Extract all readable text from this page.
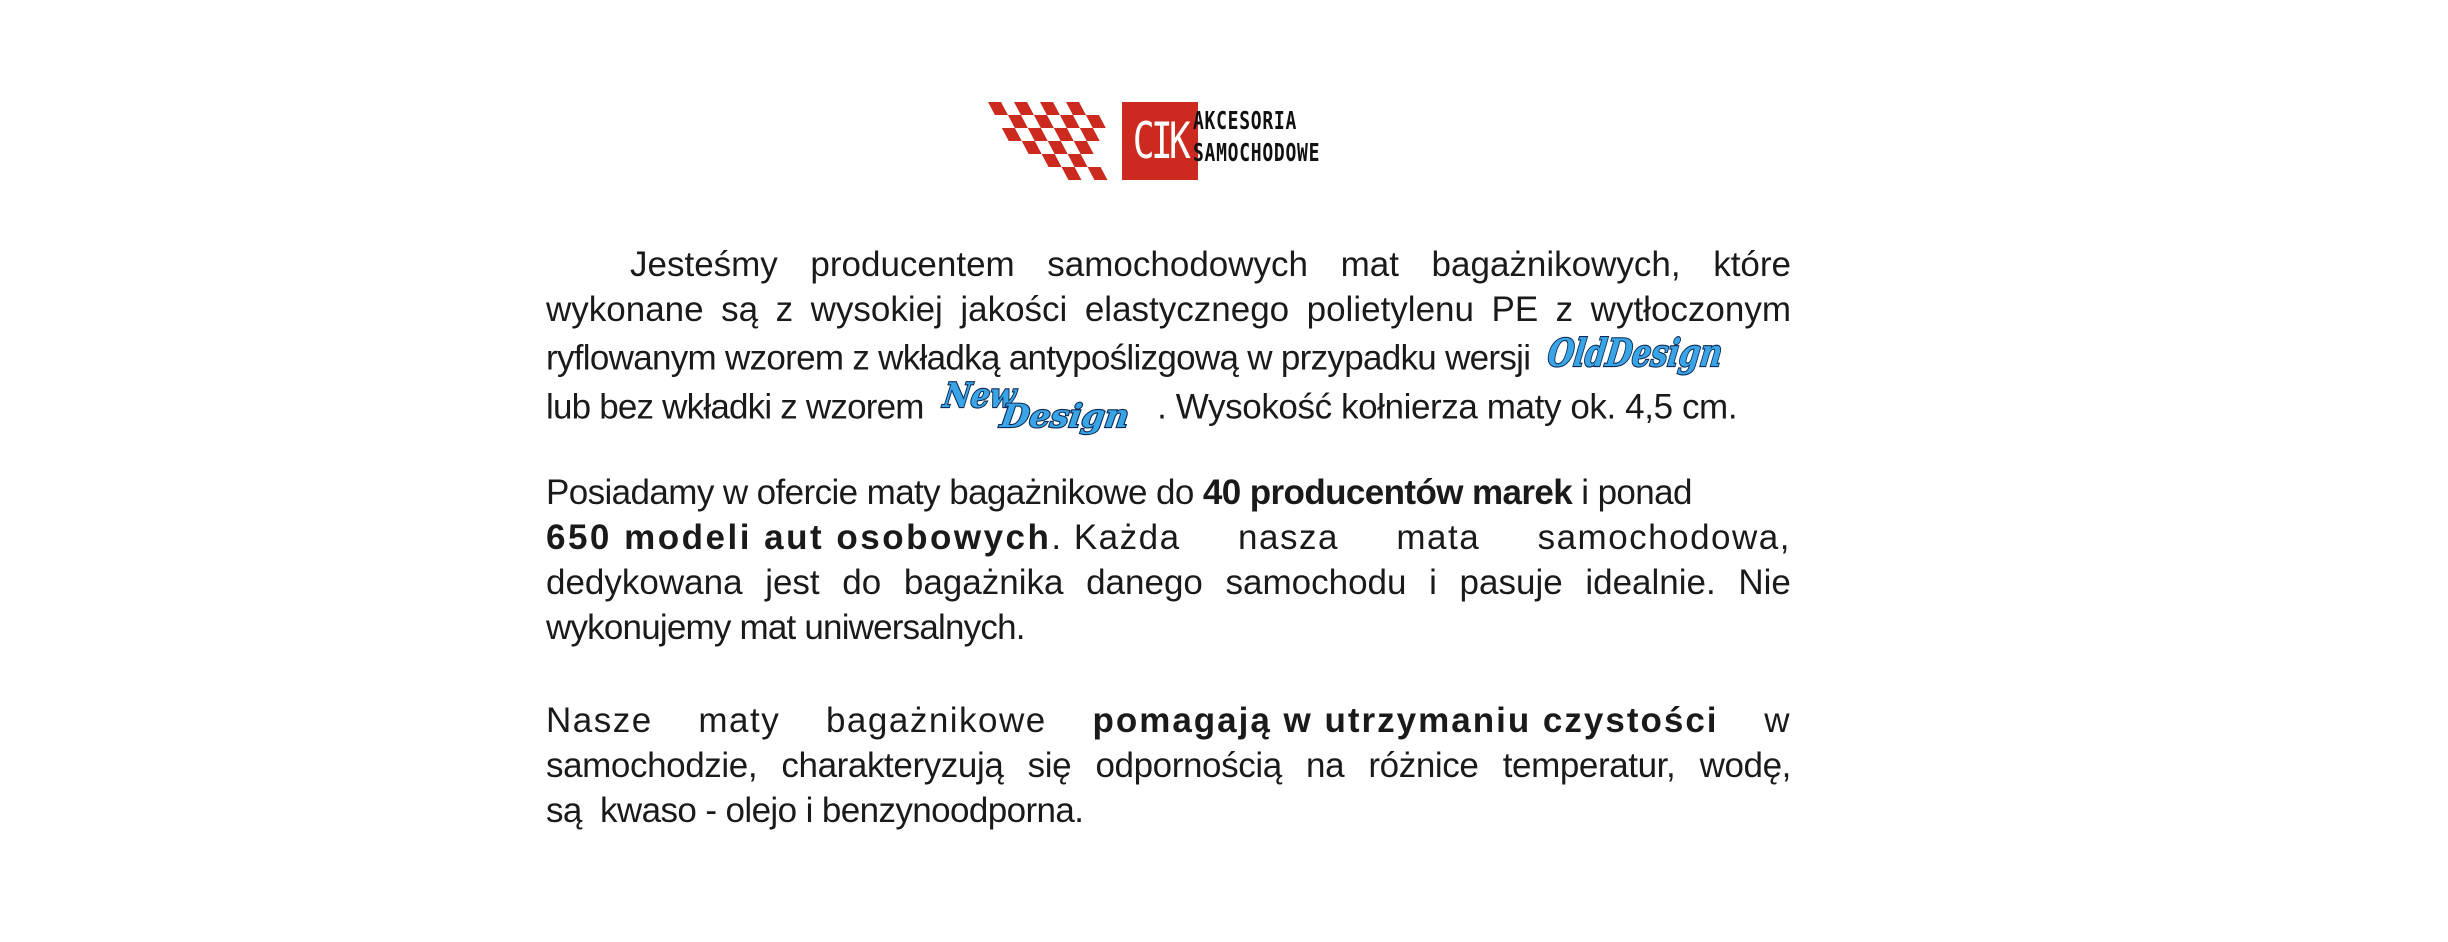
CIK AKCESORIA
SAMOCHODOWE
Jesteśmy producentem samochodowych mat bagażnikowych, które
wykonane są z wysokiej jakości elastycznego polietylenu PE z wytłoczonym
ryflowanym wzorem z wkładką antypoślizgową w przypadku wersji OldDesign
lub bez wkładki z wzorem New
Design . Wysokość kołnierza maty ok. 4,5 cm.
Posiadamy w ofercie maty bagażnikowe do 40 producentów marek i ponad
650 modeli aut osobowych. Każda nasza mata samochodowa,
dedykowana jest do bagażnika danego samochodu i pasuje idealnie. Nie
wykonujemy mat uniwersalnych.
Nasze maty bagażnikowe pomagają w utrzymaniu czystości w
samochodzie, charakteryzują się odpornością na różnice temperatur, wodę,
są  kwaso - olejo i benzynoodporna.
